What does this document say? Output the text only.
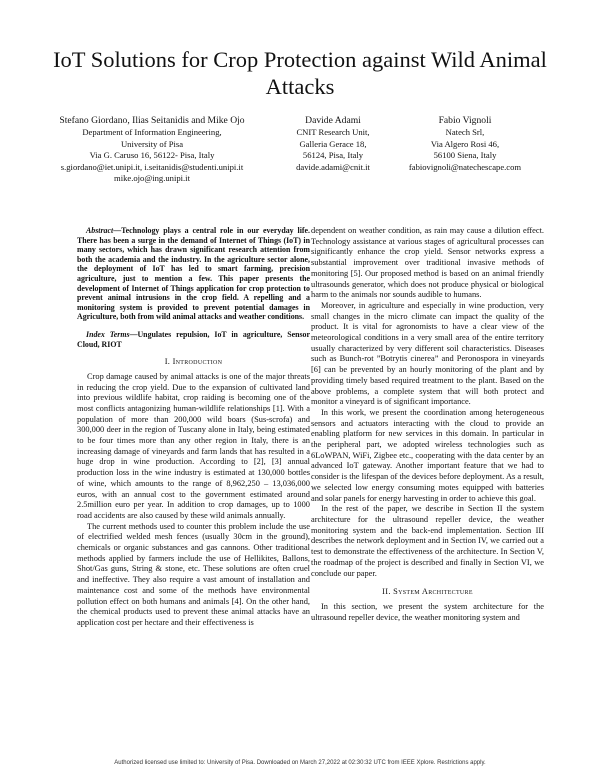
IoT Solutions for Crop Protection against Wild Animal Attacks
Stefano Giordano, Ilias Seitanidis and Mike Ojo
Department of Information Engineering,
University of Pisa
Via G. Caruso 16, 56122- Pisa, Italy
s.giordano@iet.unipi.it, i.seitanidis@studenti.unipi.it
mike.ojo@ing.unipi.it
Davide Adami
CNIT Research Unit,
Galleria Gerace 18,
56124, Pisa, Italy
davide.adami@cnit.it
Fabio Vignoli
Natech Srl,
Via Algero Rosi 46,
56100 Siena, Italy
fabiovignoli@natechescape.com

Abstract—Technology plays a central role in our everyday life. There has been a surge in the demand of Internet of Things (IoT) in many sectors, which has drawn significant research attention from both the academia and the industry. In the agriculture sector alone, the deployment of IoT has led to smart farming, precision agriculture, just to mention a few. This paper presents the development of Internet of Things application for crop protection to prevent animal intrusions in the crop field. A repelling and a monitoring system is provided to prevent potential damages in Agriculture, both from wild animal attacks and weather conditions.

Index Terms—Ungulates repulsion, IoT in agriculture, Sensor Cloud, RIOT

I. Introduction

Crop damage caused by animal attacks is one of the major threats in reducing the crop yield. Due to the expansion of cultivated land into previous wildlife habitat, crop raiding is becoming one of the most conflicts antagonizing human-wildlife relationships [1]. With a population of more than 200,000 wild boars (Sus-scrofa) and 300,000 deer in the region of Tuscany alone in Italy, being estimated to be four times more than any other region in Italy, there is an increasing damage of vineyards and farm lands that has resulted in a huge drop in wine production. According to [2], [3] annual production loss in the wine industry is estimated at 130,000 bottles of wine, which amounts to the range of 8,962,250 – 13,036,000 euros, with an annual cost to the government estimated around 2.5million euro per year. In addition to crop damages, up to 1000 road accidents are also caused by these wild animals annually.

The current methods used to counter this problem include the use of electrified welded mesh fences (usually 30cm in the ground), chemicals or organic substances and gas cannons. Other traditional methods applied by farmers include the use of Hellikites, Ballons, Shot/Gas guns, String & stone, etc. These solutions are often cruel and ineffective. They also require a vast amount of installation and maintenance cost and some of the methods have environmental pollution effect on both humans and animals [4]. On the other hand, the chemical products used to prevent these animal attacks have an application cost per hectare and their effectiveness is

dependent on weather condition, as rain may cause a dilution effect. Technology assistance at various stages of agricultural processes can significantly enhance the crop yield. Sensor networks express a substantial improvement over traditional invasive methods of monitoring [5]. Our proposed method is based on an animal friendly ultrasounds generator, which does not produce physical or biological harm to the animals nor sounds audible to humans.

Moreover, in agriculture and especially in wine production, very small changes in the micro climate can impact the quality of the product. It is vital for agronomists to have a clear view of the meteorological conditions in a very small area of the entire territory usually characterized by very different soil characteristics. Diseases such as Bunch-rot ”Botrytis cinerea” and Peronospora in vineyards [6] can be prevented by an hourly monitoring of the plant and by providing timely based required treatment to the plant. Based on the above problems, a complete system that will both protect and monitor a vineyard is of significant importance.

In this work, we present the coordination among heterogeneous sensors and actuators interacting with the cloud to provide an enabling platform for new services in this domain. In particular in the peripheral part, we adopted wireless technologies such as 6LoWPAN, WiFi, Zigbee etc., cooperating with the data center by an advanced IoT gateway. Another important feature that we had to consider is the lifespan of the devices before deployment. As a result, we selected low energy consuming motes equipped with batteries and solar panels for energy harvesting in order to achieve this goal.

In the rest of the paper, we describe in Section II the system architecture for the ultrasound repeller device, the weather monitoring system and the back-end implementation. Section III describes the network deployment and in Section IV, we carried out a test to demonstrate the effectiveness of the architecture. In Section V, the roadmap of the project is described and finally in Section VI, we conclude our paper.

II. System Architecture

In this section, we present the system architecture for the ultrasound repeller device, the weather monitoring system and

Authorized licensed use limited to: University of Pisa. Downloaded on March 27,2022 at 02:30:32 UTC from IEEE Xplore. Restrictions apply.
